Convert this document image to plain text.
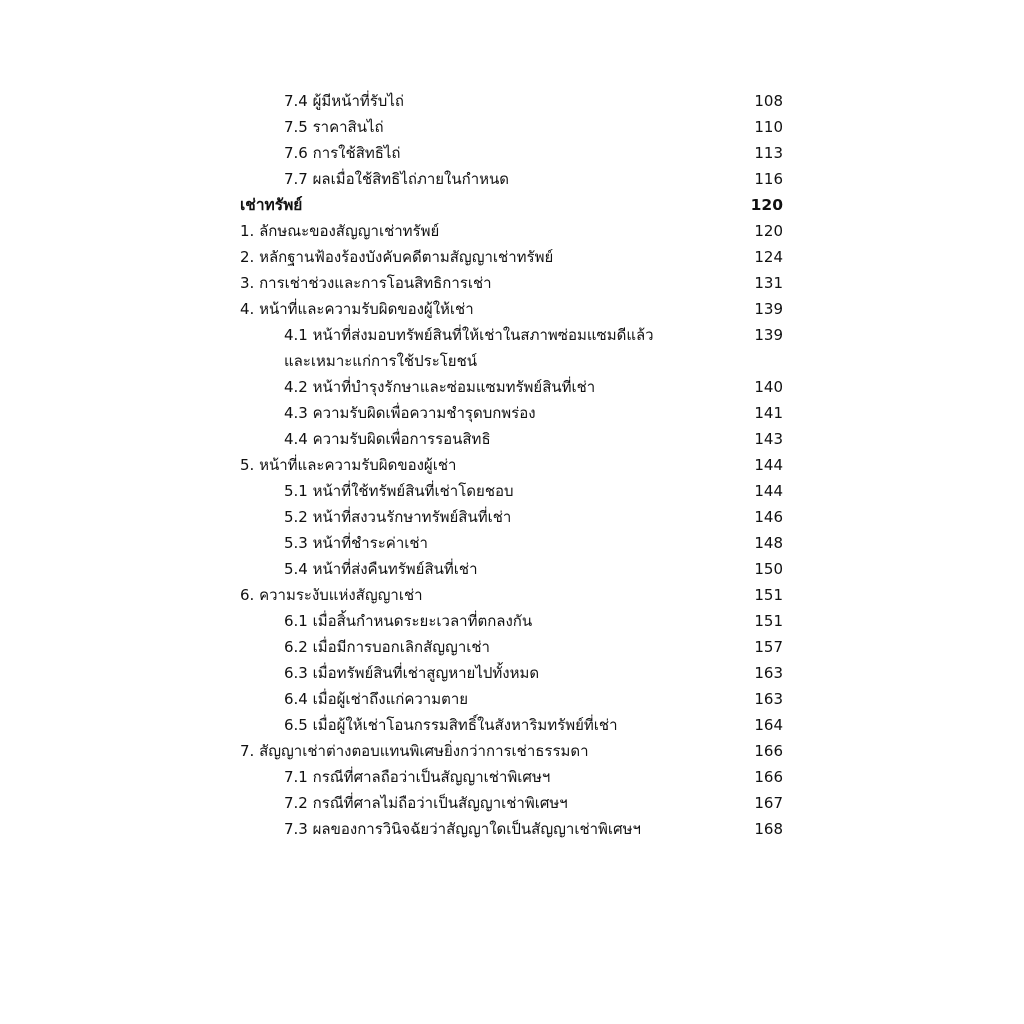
7.4 ผู้มีหน้าที่รับไถ่	108
7.5 ราคาสินไถ่	110
7.6 การใช้สิทธิไถ่	113
7.7 ผลเมื่อใช้สิทธิไถ่ภายในกำหนด	116
เช่าทรัพย์	120
1. ลักษณะของสัญญาเช่าทรัพย์	120
2. หลักฐานฟ้องร้องบังคับคดีตามสัญญาเช่าทรัพย์	124
3. การเช่าช่วงและการโอนสิทธิการเช่า	131
4. หน้าที่และความรับผิดของผู้ให้เช่า	139
4.1 หน้าที่ส่งมอบทรัพย์สินที่ให้เช่าในสภาพซ่อมแซมดีแล้ว	139
และเหมาะแก่การใช้ประโยชน์
4.2 หน้าที่บำรุงรักษาและซ่อมแซมทรัพย์สินที่เช่า	140
4.3 ความรับผิดเพื่อความชำรุดบกพร่อง	141
4.4 ความรับผิดเพื่อการรอนสิทธิ	143
5. หน้าที่และความรับผิดของผู้เช่า	144
5.1 หน้าที่ใช้ทรัพย์สินที่เช่าโดยชอบ	144
5.2 หน้าที่สงวนรักษาทรัพย์สินที่เช่า	146
5.3 หน้าที่ชำระค่าเช่า	148
5.4 หน้าที่ส่งคืนทรัพย์สินที่เช่า	150
6. ความระงับแห่งสัญญาเช่า	151
6.1 เมื่อสิ้นกำหนดระยะเวลาที่ตกลงกัน	151
6.2 เมื่อมีการบอกเลิกสัญญาเช่า	157
6.3 เมื่อทรัพย์สินที่เช่าสูญหายไปทั้งหมด	163
6.4 เมื่อผู้เช่าถึงแก่ความตาย	163
6.5 เมื่อผู้ให้เช่าโอนกรรมสิทธิ์ในสังหาริมทรัพย์ที่เช่า	164
7. สัญญาเช่าต่างตอบแทนพิเศษยิ่งกว่าการเช่าธรรมดา	166
7.1 กรณีที่ศาลถือว่าเป็นสัญญาเช่าพิเศษฯ	166
7.2 กรณีที่ศาลไม่ถือว่าเป็นสัญญาเช่าพิเศษฯ	167
7.3 ผลของการวินิจฉัยว่าสัญญาใดเป็นสัญญาเช่าพิเศษฯ	168
